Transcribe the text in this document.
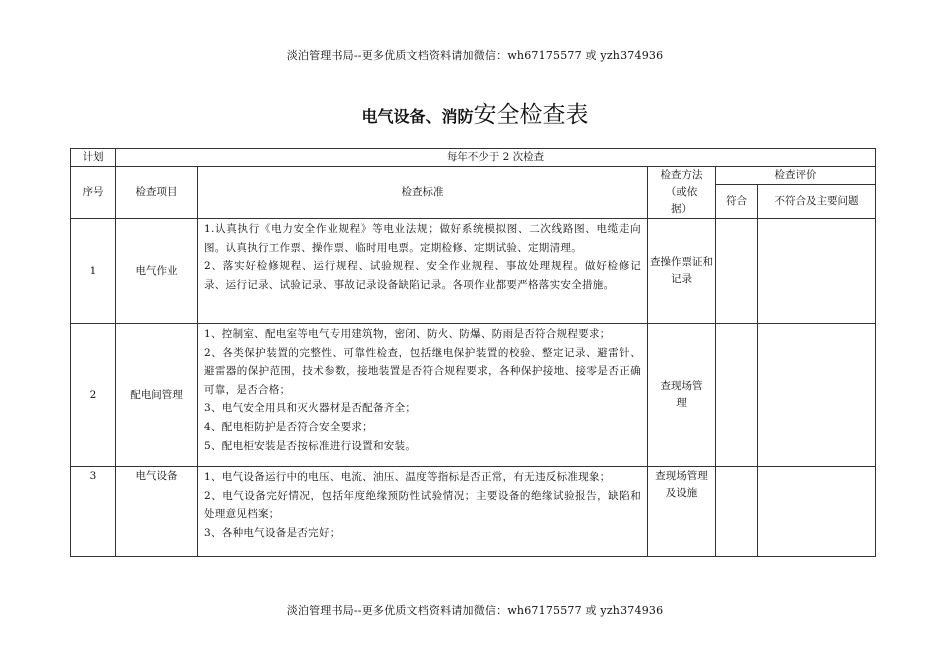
淡泊管理书局--更多优质文档资料请加微信：wh67175577 或 yzh374936
电气设备、消防安全检查表
计划	每年不少于 2 次检查				
序号	检查项目	检查标准	检查方法
（或依
据）	检查评价	
				符合	不符合及主要问题
1	电气作业	1.认真执行《电力安全作业规程》等电业法规；做好系统模拟图、二次线路图、电缆走向图。认真执行工作票、操作票、临时用电票。定期检修、定期试验、定期清理。
2、落实好检修规程、运行规程、试验规程、安全作业规程、事故处理规程。做好检修记录、运行记录、试验记录、事故记录设备缺陷记录。各项作业都要严格落实安全措施。	查操作票证和记录		
2	配电间管理	1、控制室、配电室等电气专用建筑物，密闭、防火、防爆、防雨是否符合规程要求；
2、各类保护装置的完整性、可靠性检查，包括继电保护装置的校验、整定记录、避雷针、避雷器的保护范围，技术参数，接地装置是否符合规程要求，各种保护接地、接零是否正确可靠，是否合格；
3、电气安全用具和灭火器材是否配备齐全；
4、配电柜防护是否符合安全要求；
5、配电柜安装是否按标准进行设置和安装。	查现场管理		
3	电气设备	1、电气设备运行中的电压、电流、油压、温度等指标是否正常，有无违反标准现象；
2、电气设备完好情况，包括年度绝缘预防性试验情况；主要设备的绝缘试验报告，缺陷和处理意见档案；
3、各种电气设备是否完好；	查现场管理及设施		
淡泊管理书局--更多优质文档资料请加微信：wh67175577 或 yzh374936
